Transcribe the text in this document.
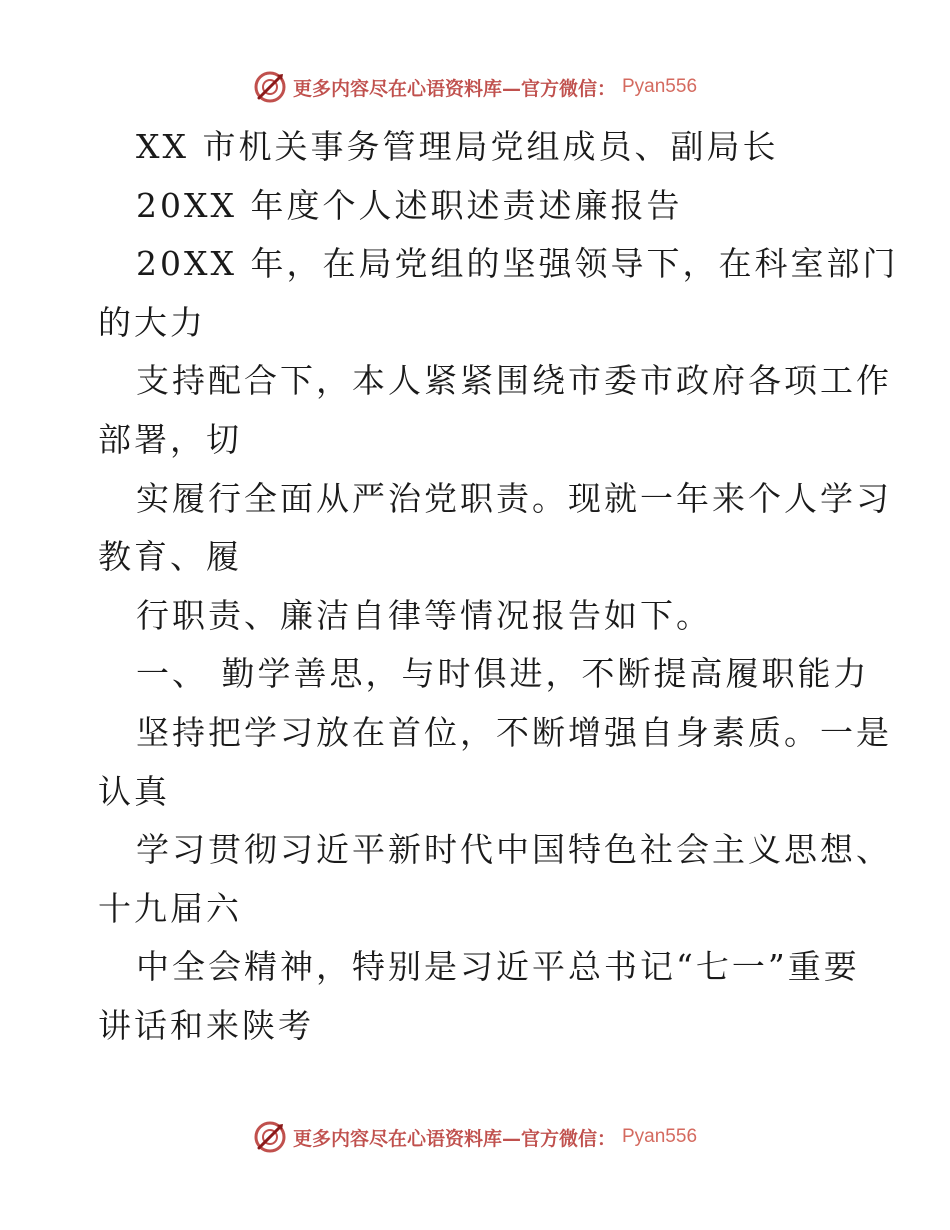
更多内容尽在心语资料库—官方微信： Pyan556
XX 市机关事务管理局党组成员、副局长
20XX 年度个人述职述责述廉报告
20XX 年，在局党组的坚强领导下，在科室部门
的大力
支持配合下，本人紧紧围绕市委市政府各项工作
部署，切
实履行全面从严治党职责。现就一年来个人学习
教育、履
行职责、廉洁自律等情况报告如下。
一、 勤学善思，与时俱进，不断提高履职能力
坚持把学习放在首位，不断增强自身素质。一是
认真
学习贯彻习近平新时代中国特色社会主义思想、
十九届六
中全会精神，特别是习近平总书记“七一”重要
讲话和来陕考
更多内容尽在心语资料库—官方微信： Pyan556
